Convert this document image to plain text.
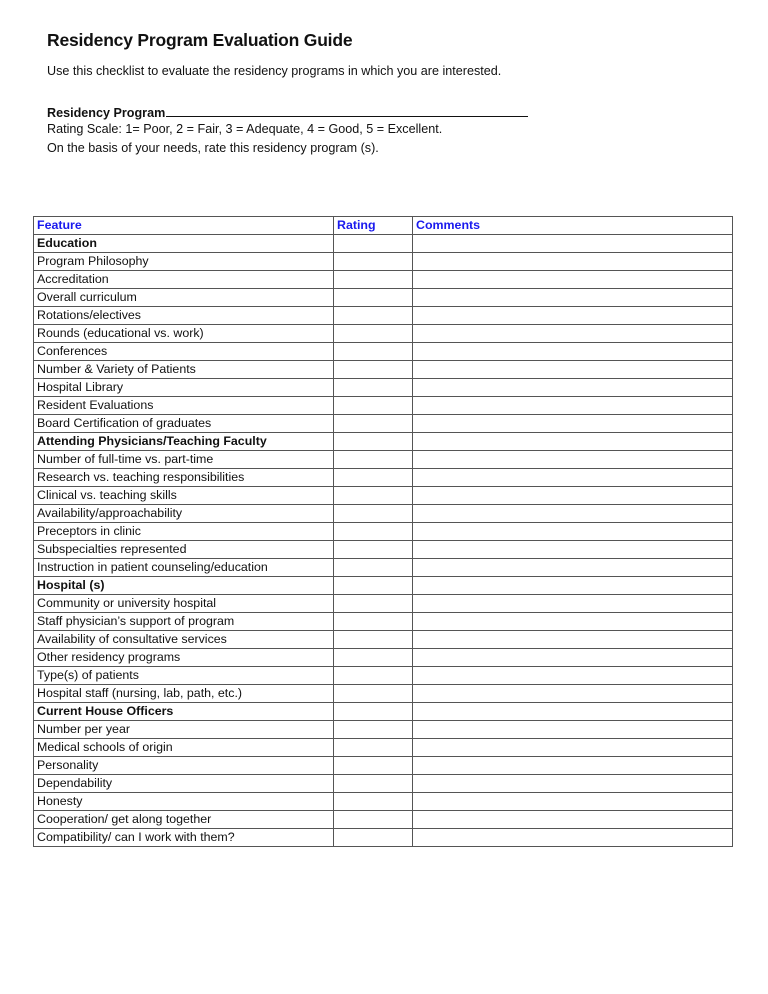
Residency Program Evaluation Guide
Use this checklist to evaluate the residency programs in which you are interested.
Residency Program
Rating Scale: 1= Poor, 2 = Fair, 3 = Adequate, 4 = Good, 5 = Excellent.
On the basis of your needs, rate this residency program (s).
Feature	Rating	Comments
Education		
Program Philosophy		
Accreditation		
Overall curriculum		
Rotations/electives		
Rounds (educational vs. work)		
Conferences		
Number & Variety of Patients		
Hospital Library		
Resident Evaluations		
Board Certification of graduates		
Attending Physicians/Teaching Faculty		
Number of full-time vs. part-time		
Research vs. teaching responsibilities		
Clinical vs. teaching skills		
Availability/approachability		
Preceptors in clinic		
Subspecialties represented		
Instruction in patient counseling/education		
Hospital (s)		
Community or university hospital		
Staff physician’s support of program		
Availability of consultative services		
Other residency programs		
Type(s) of patients		
Hospital staff (nursing, lab, path, etc.)		
Current House Officers		
Number per year		
Medical schools of origin		
Personality		
Dependability		
Honesty		
Cooperation/ get along together		
Compatibility/ can I work with them?		
